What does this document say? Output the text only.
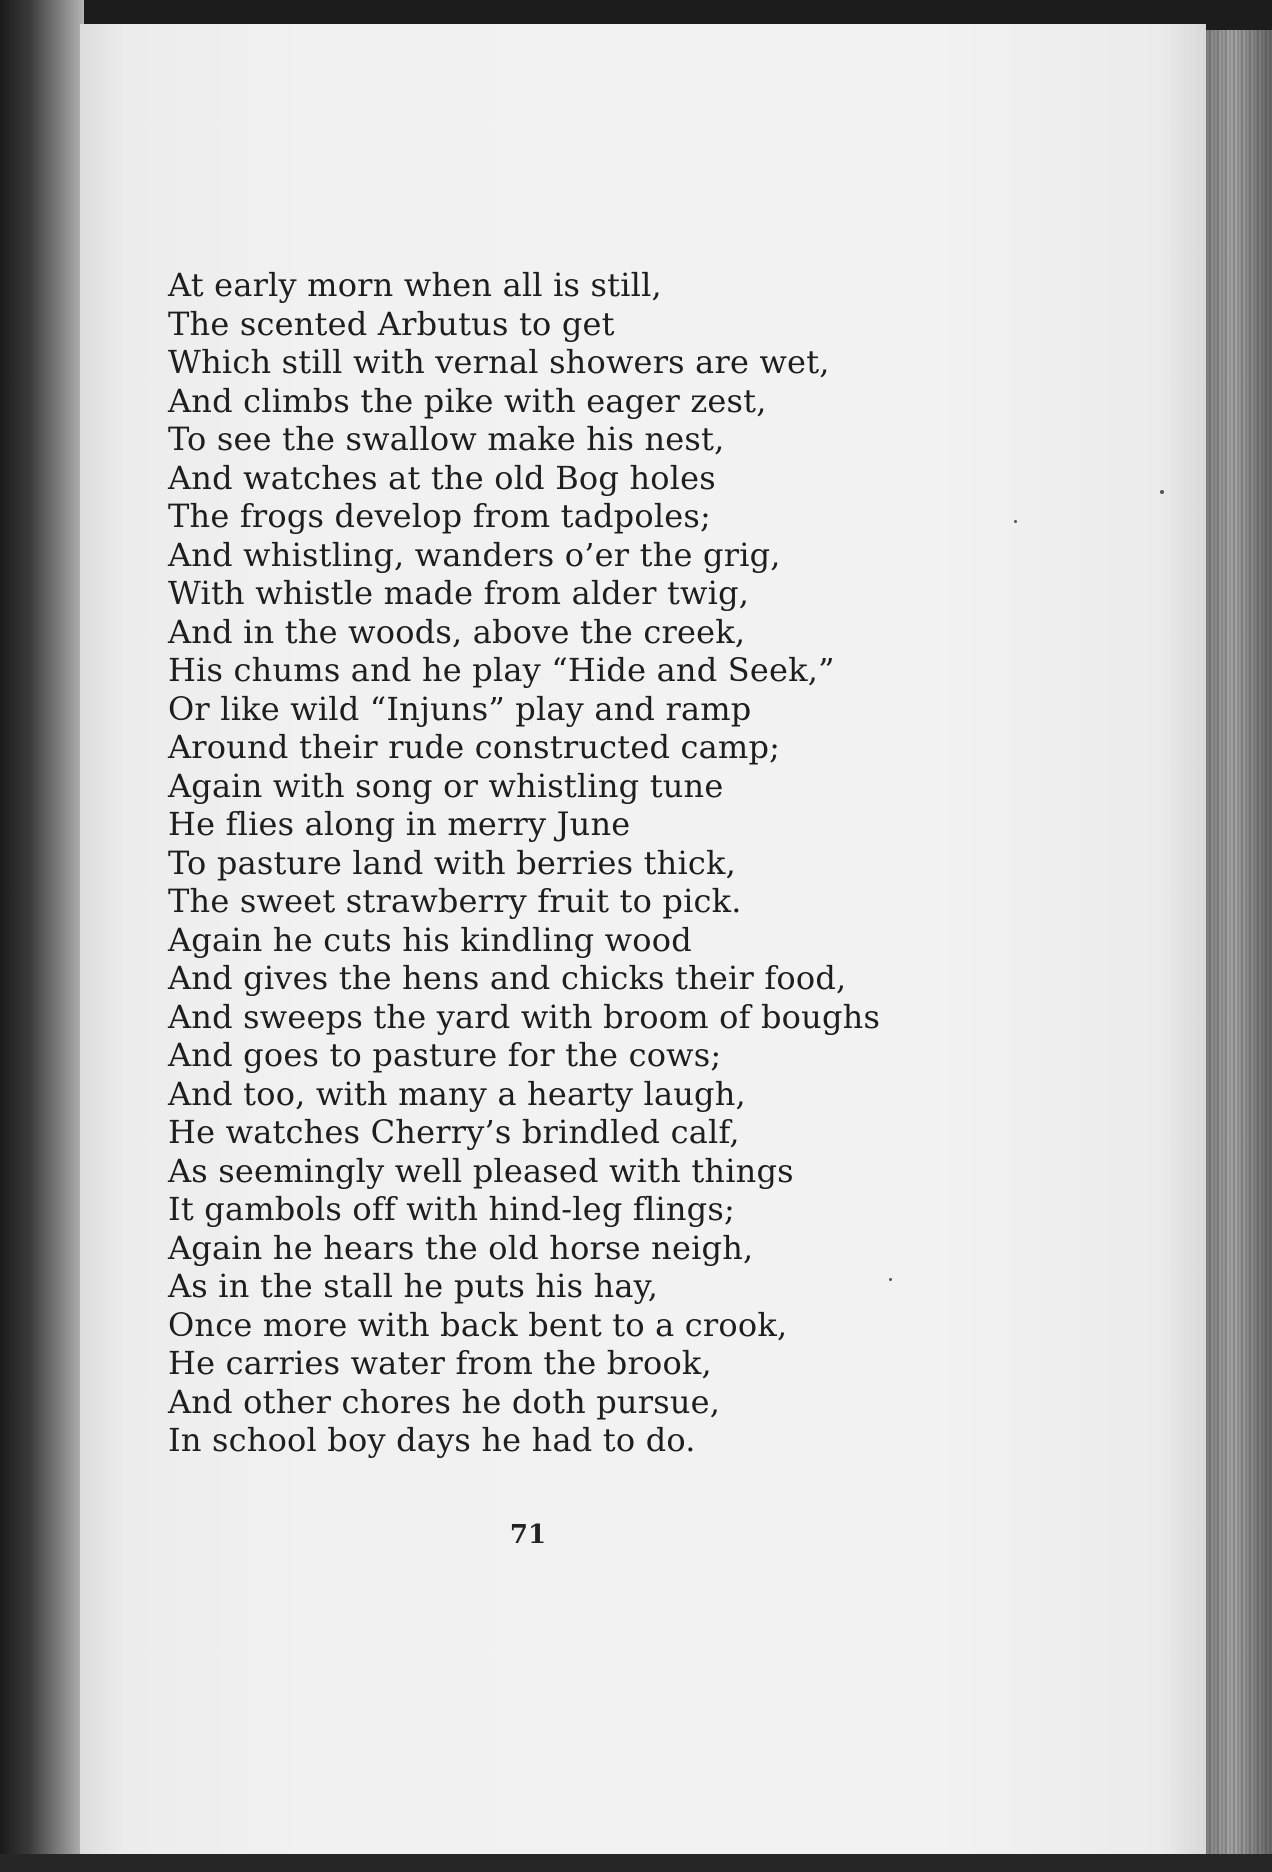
At early morn when all is still,
The scented Arbutus to get
Which still with vernal showers are wet,
And climbs the pike with eager zest,
To see the swallow make his nest,
And watches at the old Bog holes
The frogs develop from tadpoles;
And whistling, wanders o’er the grig,
With whistle made from alder twig,
And in the woods, above the creek,
His chums and he play “Hide and Seek,”
Or like wild “Injuns” play and ramp
Around their rude constructed camp;
Again with song or whistling tune
He flies along in merry June
To pasture land with berries thick,
The sweet strawberry fruit to pick.
Again he cuts his kindling wood
And gives the hens and chicks their food,
And sweeps the yard with broom of boughs
And goes to pasture for the cows;
And too, with many a hearty laugh,
He watches Cherry’s brindled calf,
As seemingly well pleased with things
It gambols off with hind-leg flings;
Again he hears the old horse neigh,
As in the stall he puts his hay,
Once more with back bent to a crook,
He carries water from the brook,
And other chores he doth pursue,
In school boy days he had to do.
71
